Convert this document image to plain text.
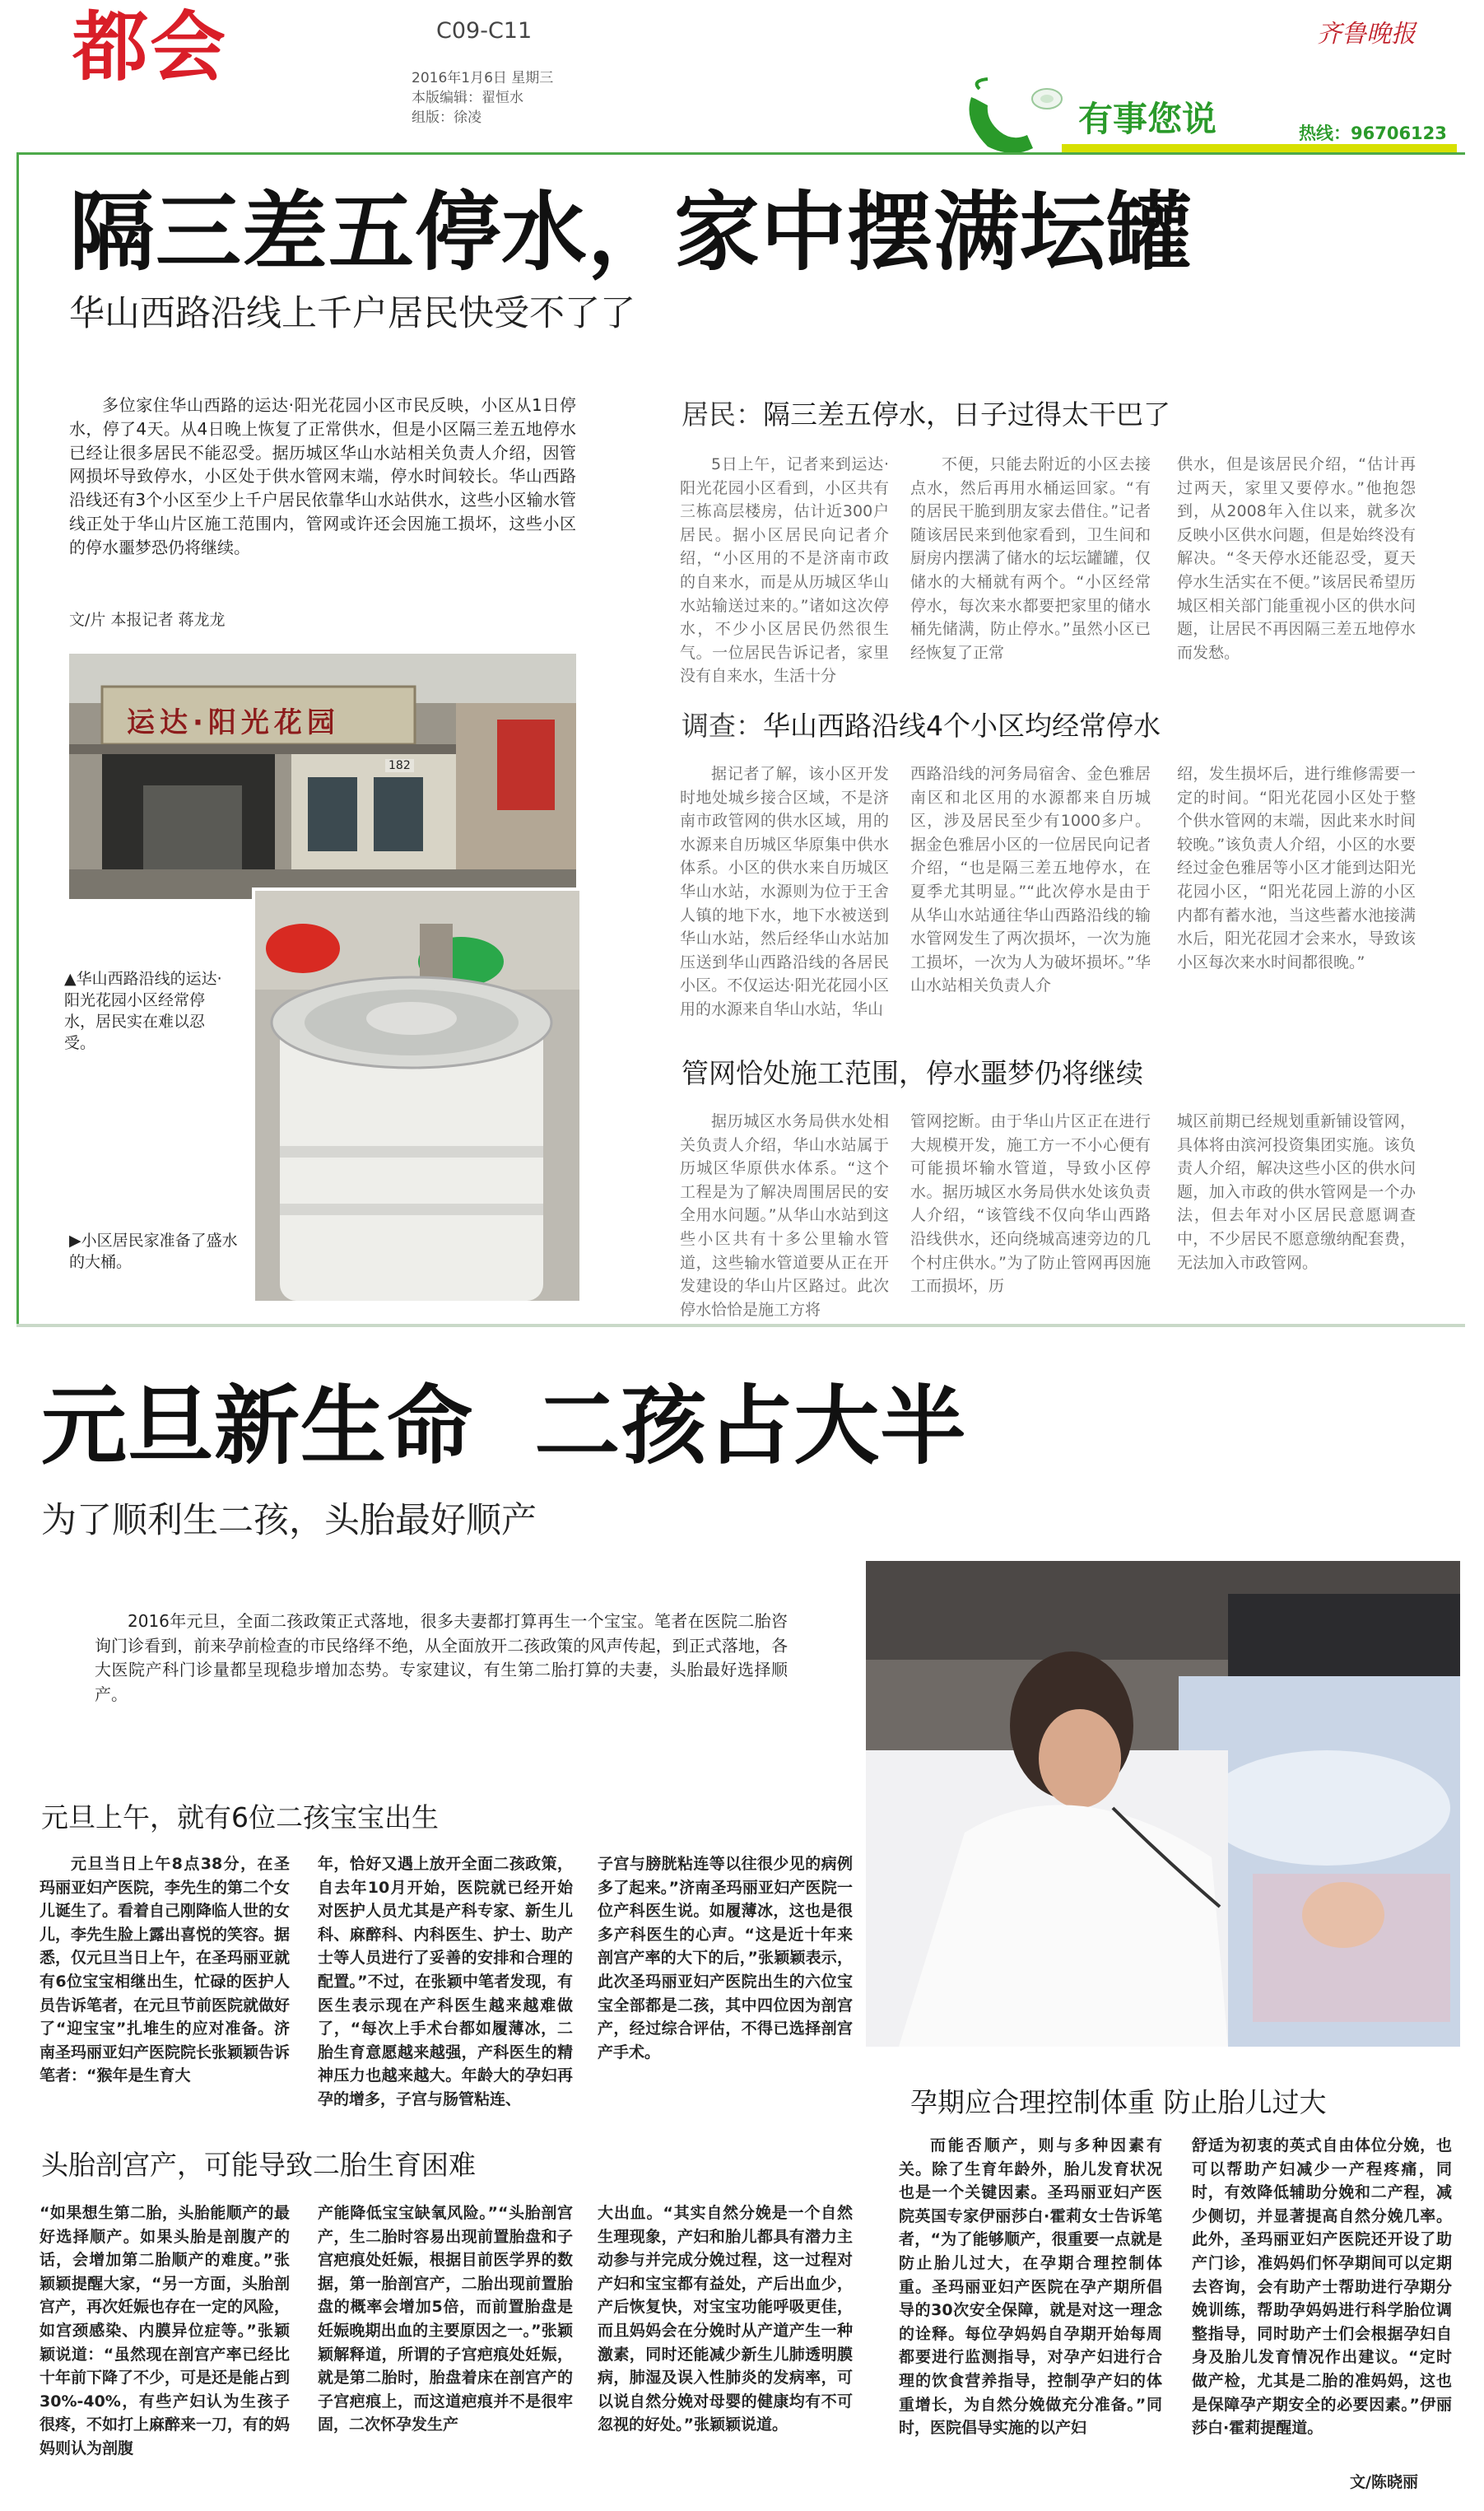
都会	C09-C11
2016年1月6日 星期三
本版编辑：翟恒水
组版：徐凌
齐鲁晚报
有事您说	热线：96706123
隔三差五停水，家中摆满坛罐
华山西路沿线上千户居民快受不了了

多位家住华山西路的运达·阳光花园小区市民反映，小区从1日停水，停了4天。从4日晚上恢复了正常供水，但是小区隔三差五地停水已经让很多居民不能忍受。据历城区华山水站相关负责人介绍，因管网损坏导致停水，小区处于供水管网末端，停水时间较长。华山西路沿线还有3个小区至少上千户居民依靠华山水站供水，这些小区输水管线正处于华山片区施工范围内，管网或许还会因施工损坏，这些小区的停水噩梦恐仍将继续。

文/片 本报记者 蒋龙龙
运达·阳光花园
182
▲华山西路沿线的运达·阳光花园小区经常停水，居民实在难以忍受。
▶小区居民家准备了盛水的大桶。
居民：隔三差五停水，日子过得太干巴了

5日上午，记者来到运达·阳光花园小区看到，小区共有三栋高层楼房，估计近300户居民。据小区居民向记者介绍，“小区用的不是济南市政的自来水，而是从历城区华山水站输送过来的。”诸如这次停水，不少小区居民仍然很生气。一位居民告诉记者，家里没有自来水，生活十分

不便，只能去附近的小区去接点水，然后再用水桶运回家。“有的居民干脆到朋友家去借住。”记者随该居民来到他家看到，卫生间和厨房内摆满了储水的坛坛罐罐，仅储水的大桶就有两个。“小区经常停水，每次来水都要把家里的储水桶先储满，防止停水。”虽然小区已经恢复了正常

供水，但是该居民介绍，“估计再过两天，家里又要停水。”他抱怨到，从2008年入住以来，就多次反映小区供水问题，但是始终没有解决。“冬天停水还能忍受，夏天停水生活实在不便。”该居民希望历城区相关部门能重视小区的供水问题，让居民不再因隔三差五地停水而发愁。

调查：华山西路沿线4个小区均经常停水

据记者了解，该小区开发时地处城乡接合区域，不是济南市政管网的供水区域，用的水源来自历城区华原集中供水体系。小区的供水来自历城区华山水站，水源则为位于王舍人镇的地下水，地下水被送到华山水站，然后经华山水站加压送到华山西路沿线的各居民小区。不仅运达·阳光花园小区用的水源来自华山水站，华山

西路沿线的河务局宿舍、金色雅居南区和北区用的水源都来自历城区，涉及居民至少有1000多户。据金色雅居小区的一位居民向记者介绍，“也是隔三差五地停水，在夏季尤其明显。”“此次停水是由于从华山水站通往华山西路沿线的输水管网发生了两次损坏，一次为施工损坏，一次为人为破坏损坏。”华山水站相关负责人介

绍，发生损坏后，进行维修需要一定的时间。“阳光花园小区处于整个供水管网的末端，因此来水时间较晚。”该负责人介绍，小区的水要经过金色雅居等小区才能到达阳光花园小区，“阳光花园上游的小区内都有蓄水池，当这些蓄水池接满水后，阳光花园才会来水，导致该小区每次来水时间都很晚。”

管网恰处施工范围，停水噩梦仍将继续

据历城区水务局供水处相关负责人介绍，华山水站属于历城区华原供水体系。“这个工程是为了解决周围居民的安全用水问题。”从华山水站到这些小区共有十多公里输水管道，这些输水管道要从正在开发建设的华山片区路过。此次停水恰恰是施工方将

管网挖断。由于华山片区正在进行大规模开发，施工方一不小心便有可能损坏输水管道，导致小区停水。据历城区水务局供水处该负责人介绍，“该管线不仅向华山西路沿线供水，还向绕城高速旁边的几个村庄供水。”为了防止管网再因施工而损坏，历

城区前期已经规划重新铺设管网，具体将由滨河投资集团实施。该负责人介绍，解决这些小区的供水问题，加入市政的供水管网是一个办法，但去年对小区居民意愿调查中，不少居民不愿意缴纳配套费，无法加入市政管网。

元旦新生命  二孩占大半
为了顺利生二孩，头胎最好顺产

2016年元旦，全面二孩政策正式落地，很多夫妻都打算再生一个宝宝。笔者在医院二胎咨询门诊看到，前来孕前检查的市民络绎不绝，从全面放开二孩政策的风声传起，到正式落地，各大医院产科门诊量都呈现稳步增加态势。专家建议，有生第二胎打算的夫妻，头胎最好选择顺产。

元旦上午，就有6位二孩宝宝出生

元旦当日上午8点38分，在圣玛丽亚妇产医院，李先生的第二个女儿诞生了。看着自己刚降临人世的女儿，李先生脸上露出喜悦的笑容。据悉，仅元旦当日上午，在圣玛丽亚就有6位宝宝相继出生，忙碌的医护人员告诉笔者，在元旦节前医院就做好了“迎宝宝”扎堆生的应对准备。济南圣玛丽亚妇产医院院长张颖颖告诉笔者：“猴年是生育大

年，恰好又遇上放开全面二孩政策，自去年10月开始，医院就已经开始对医护人员尤其是产科专家、新生儿科、麻醉科、内科医生、护士、助产士等人员进行了妥善的安排和合理的配置。”不过，在张颖中笔者发现，有医生表示现在产科医生越来越难做了，“每次上手术台都如履薄冰，二胎生育意愿越来越强，产科医生的精神压力也越来越大。年龄大的孕妇再孕的增多，子宫与肠管粘连、

子宫与膀胱粘连等以往很少见的病例多了起来。”济南圣玛丽亚妇产医院一位产科医生说。如履薄冰，这也是很多产科医生的心声。“这是近十年来剖宫产率的大下的后，”张颖颖表示，此次圣玛丽亚妇产医院出生的六位宝宝全部都是二孩，其中四位因为剖宫产，经过综合评估，不得已选择剖宫产手术。

头胎剖宫产，可能导致二胎生育困难

“如果想生第二胎，头胎能顺产的最好选择顺产。如果头胎是剖腹产的话，会增加第二胎顺产的难度。”张颖颖提醒大家，“另一方面，头胎剖宫产，再次妊娠也存在一定的风险，如宫颈感染、内膜异位症等。”张颖颖说道：“虽然现在剖宫产率已经比十年前下降了不少，可是还是能占到30%-40%，有些产妇认为生孩子很疼，不如打上麻醉来一刀，有的妈妈则认为剖腹

产能降低宝宝缺氧风险。”“头胎剖宫产，生二胎时容易出现前置胎盘和子宫疤痕处妊娠，根据目前医学界的数据，第一胎剖宫产，二胎出现前置胎盘的概率会增加5倍，而前置胎盘是妊娠晚期出血的主要原因之一。”张颖颖解释道，所谓的子宫疤痕处妊娠，就是第二胎时，胎盘着床在剖宫产的子宫疤痕上，而这道疤痕并不是很牢固，二次怀孕发生产

大出血。“其实自然分娩是一个自然生理现象，产妇和胎儿都具有潜力主动参与并完成分娩过程，这一过程对产妇和宝宝都有益处，产后出血少，产后恢复快，对宝宝功能呼吸更佳，而且妈妈会在分娩时从产道产生一种激素，同时还能减少新生儿肺透明膜病，肺湿及误入性肺炎的发病率，可以说自然分娩对母婴的健康均有不可忽视的好处。”张颖颖说道。

孕期应合理控制体重 防止胎儿过大

而能否顺产，则与多种因素有关。除了生育年龄外，胎儿发育状况也是一个关键因素。圣玛丽亚妇产医院英国专家伊丽莎白·霍莉女士告诉笔者，“为了能够顺产，很重要一点就是防止胎儿过大，在孕期合理控制体重。圣玛丽亚妇产医院在孕产期所倡导的30次安全保障，就是对这一理念的诠释。每位孕妈妈自孕期开始每周都要进行监测指导，对孕产妇进行合理的饮食营养指导，控制孕产妇的体重增长，为自然分娩做充分准备。”同时，医院倡导实施的以产妇

舒适为初衷的英式自由体位分娩，也可以帮助产妇减少一产程疼痛，同时，有效降低辅助分娩和二产程，减少侧切，并显著提高自然分娩几率。此外，圣玛丽亚妇产医院还开设了助产门诊，准妈妈们怀孕期间可以定期去咨询，会有助产士帮助进行孕期分娩训练，帮助孕妈妈进行科学胎位调整指导，同时助产士们会根据孕妇自身及胎儿发育情况作出建议。“定时做产检，尤其是二胎的准妈妈，这也是保障孕产期安全的必要因素。”伊丽莎白·霍莉提醒道。

文/陈晓丽
